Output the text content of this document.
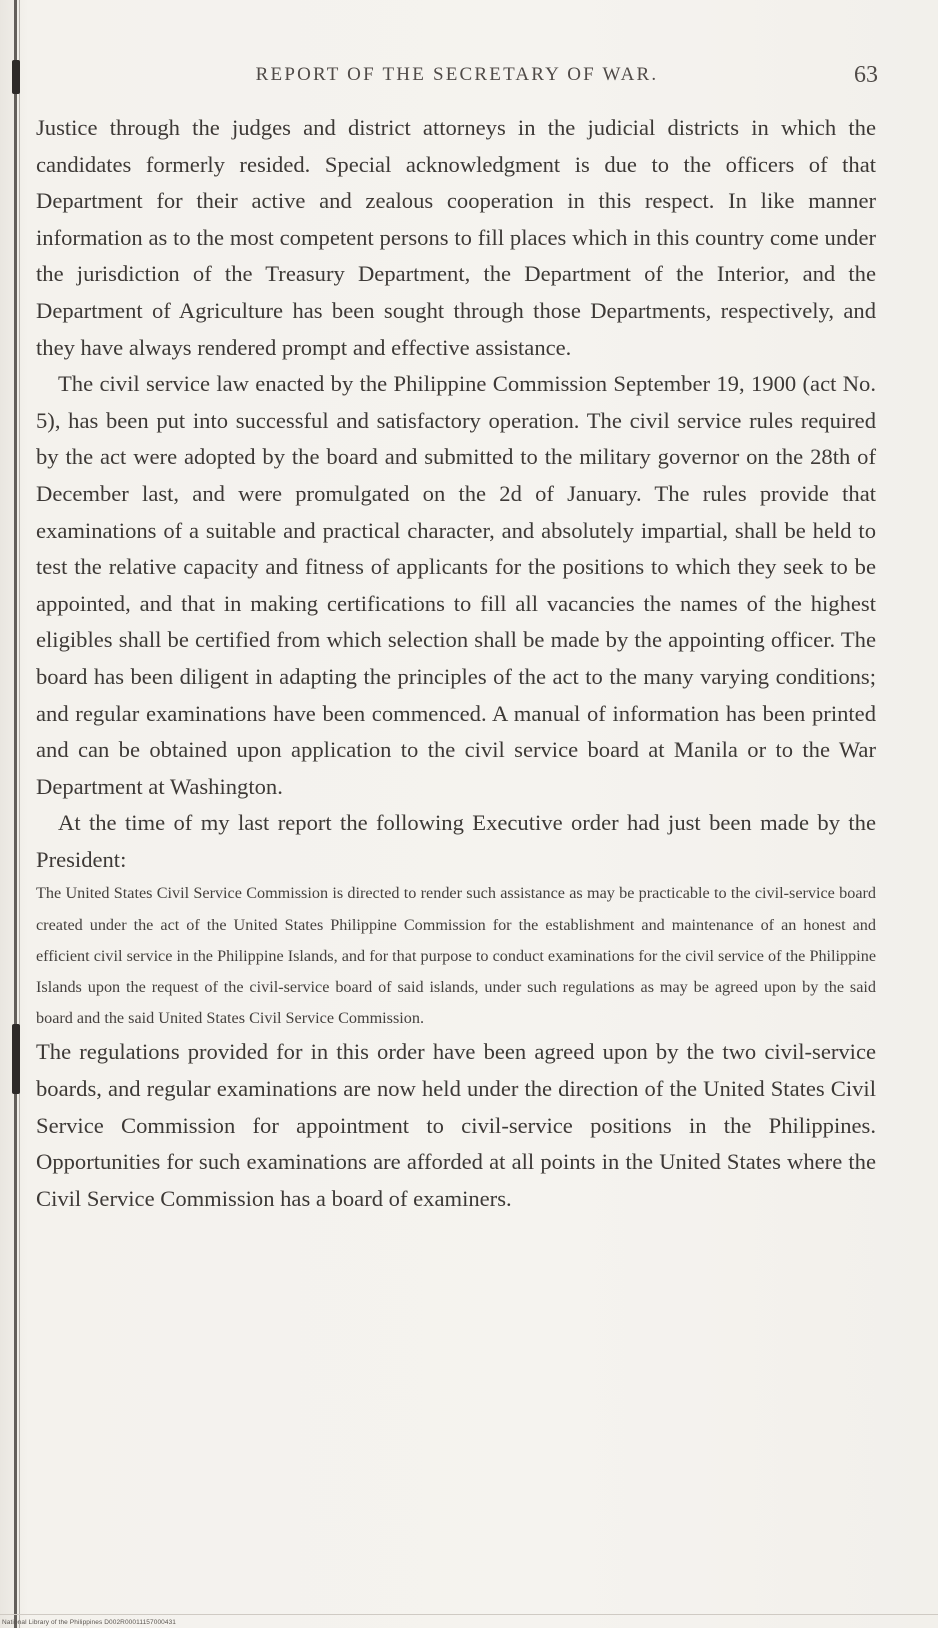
REPORT OF THE SECRETARY OF WAR.	63

Justice through the judges and district attorneys in the judicial districts in which the candidates formerly resided. Special acknowledgment is due to the officers of that Department for their active and zealous cooperation in this respect. In like manner information as to the most competent persons to fill places which in this country come under the jurisdiction of the Treasury Department, the Department of the Interior, and the Department of Agriculture has been sought through those Departments, respectively, and they have always rendered prompt and effective assistance.

The civil service law enacted by the Philippine Commission September 19, 1900 (act No. 5), has been put into successful and satisfactory operation. The civil service rules required by the act were adopted by the board and submitted to the military governor on the 28th of December last, and were promulgated on the 2d of January. The rules provide that examinations of a suitable and practical character, and absolutely impartial, shall be held to test the relative capacity and fitness of applicants for the positions to which they seek to be appointed, and that in making certifications to fill all vacancies the names of the highest eligibles shall be certified from which selection shall be made by the appointing officer. The board has been diligent in adapting the principles of the act to the many varying conditions; and regular examinations have been commenced. A manual of information has been printed and can be obtained upon application to the civil service board at Manila or to the War Department at Washington.

At the time of my last report the following Executive order had just been made by the President:

The United States Civil Service Commission is directed to render such assistance as may be practicable to the civil-service board created under the act of the United States Philippine Commission for the establishment and maintenance of an honest and efficient civil service in the Philippine Islands, and for that purpose to conduct examinations for the civil service of the Philippine Islands upon the request of the civil-service board of said islands, under such regulations as may be agreed upon by the said board and the said United States Civil Service Commission.

The regulations provided for in this order have been agreed upon by the two civil-service boards, and regular examinations are now held under the direction of the United States Civil Service Commission for appointment to civil-service positions in the Philippines. Opportunities for such examinations are afforded at all points in the United States where the Civil Service Commission has a board of examiners.

National Library of the Philippines D002R00011157000431
